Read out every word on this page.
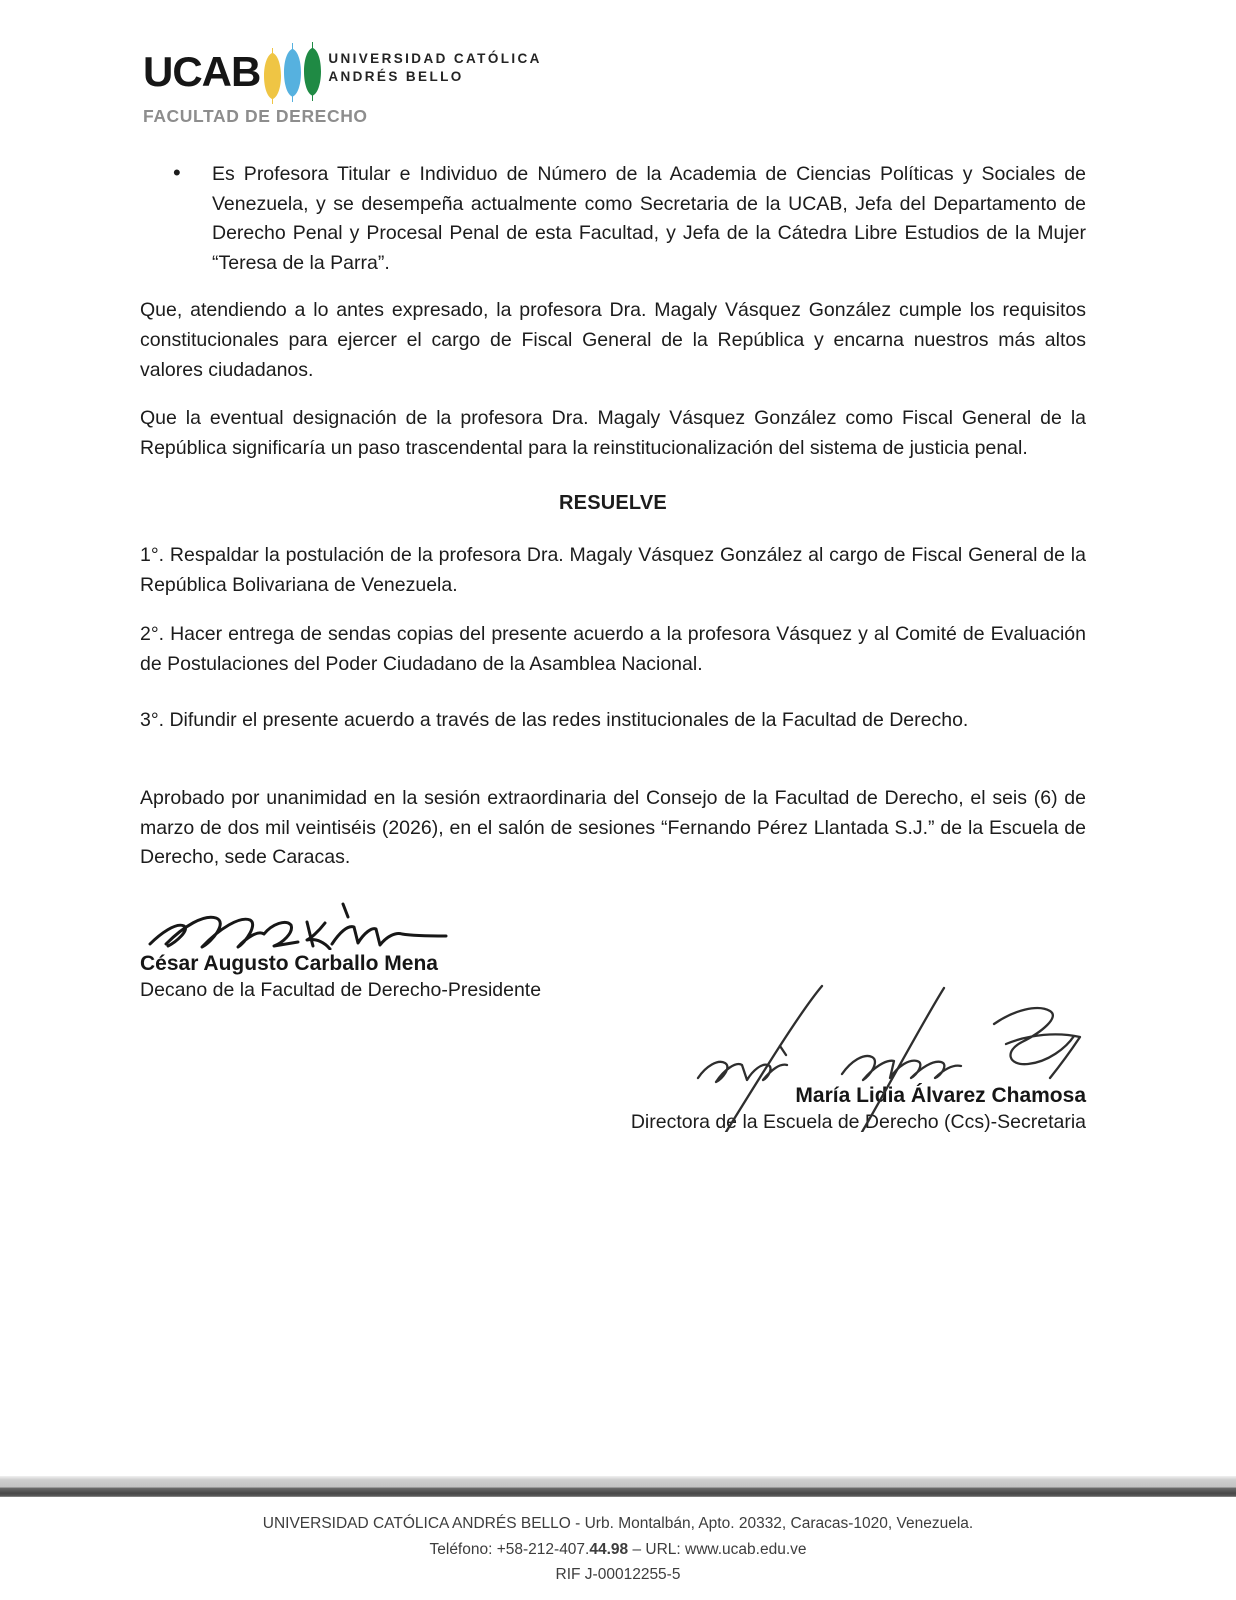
UCAB	UNIVERSIDAD CATÓLICA
ANDRÉS BELLO
FACULTAD DE DERECHO
• Es Profesora Titular e Individuo de Número de la Academia de Ciencias Políticas y Sociales de Venezuela, y se desempeña actualmente como Secretaria de la UCAB, Jefa del Departamento de Derecho Penal y Procesal Penal de esta Facultad, y Jefa de la Cátedra Libre Estudios de la Mujer “Teresa de la Parra”.

Que, atendiendo a lo antes expresado, la profesora Dra. Magaly Vásquez González cumple los requisitos constitucionales para ejercer el cargo de Fiscal General de la República y encarna nuestros más altos valores ciudadanos.

Que la eventual designación de la profesora Dra. Magaly Vásquez González como Fiscal General de la República significaría un paso trascendental para la reinstitucionalización del sistema de justicia penal.

RESUELVE

1°. Respaldar la postulación de la profesora Dra. Magaly Vásquez González al cargo de Fiscal General de la República Bolivariana de Venezuela.

2°. Hacer entrega de sendas copias del presente acuerdo a la profesora Vásquez y al Comité de Evaluación de Postulaciones del Poder Ciudadano de la Asamblea Nacional.

3°. Difundir el presente acuerdo a través de las redes institucionales de la Facultad de Derecho.

Aprobado por unanimidad en la sesión extraordinaria del Consejo de la Facultad de Derecho, el seis (6) de marzo de dos mil veintiséis (2026), en el salón de sesiones “Fernando Pérez Llantada S.J.” de la Escuela de Derecho, sede Caracas.

César Augusto Carballo Mena
Decano de la Facultad de Derecho-Presidente
María Lidia Álvarez Chamosa
Directora de la Escuela de Derecho (Ccs)-Secretaria
UNIVERSIDAD CATÓLICA ANDRÉS BELLO - Urb. Montalbán, Apto. 20332, Caracas-1020, Venezuela.
Teléfono: +58-212-407.44.98 – URL: www.ucab.edu.ve
RIF J-00012255-5
